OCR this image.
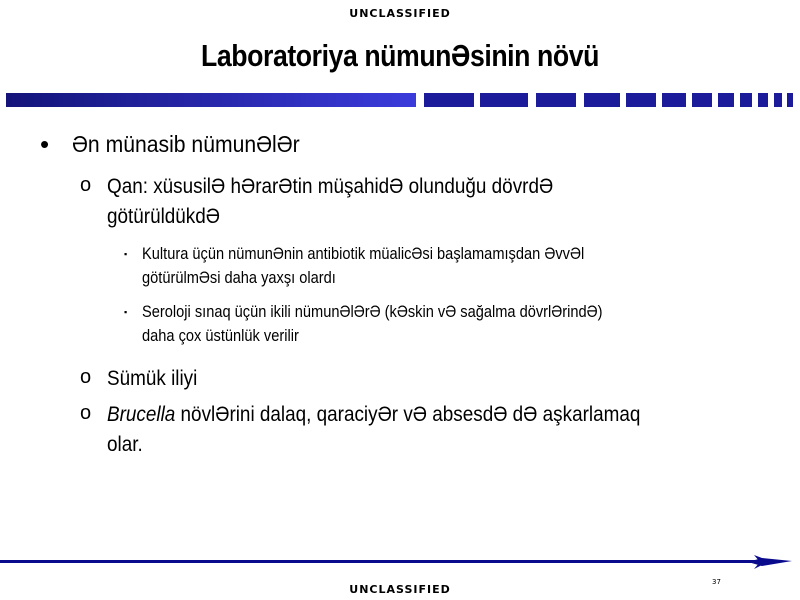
UNCLASSIFIED
Laboratoriya nümunƏsinin növü
• Ən münasib nümunƏlƏr
o Qan: xüsusilƏ hƏrarƏtin müşahidƏ olunduğu dövrdƏ
götürüldükdƏ
▪ Kultura üçün nümunƏnin antibiotik müalicƏsi başlamamışdan ƏvvƏl
götürülmƏsi daha yaxşı olardı
▪ Seroloji sınaq üçün ikili nümunƏlƏrƏ (kƏskin vƏ sağalma dövrlƏrindƏ)
daha çox üstünlük verilir
o Sümük iliyi
o Brucella növlƏrini dalaq, qaraciyƏr vƏ absesdƏ dƏ aşkarlamaq
olar.
37
UNCLASSIFIED
